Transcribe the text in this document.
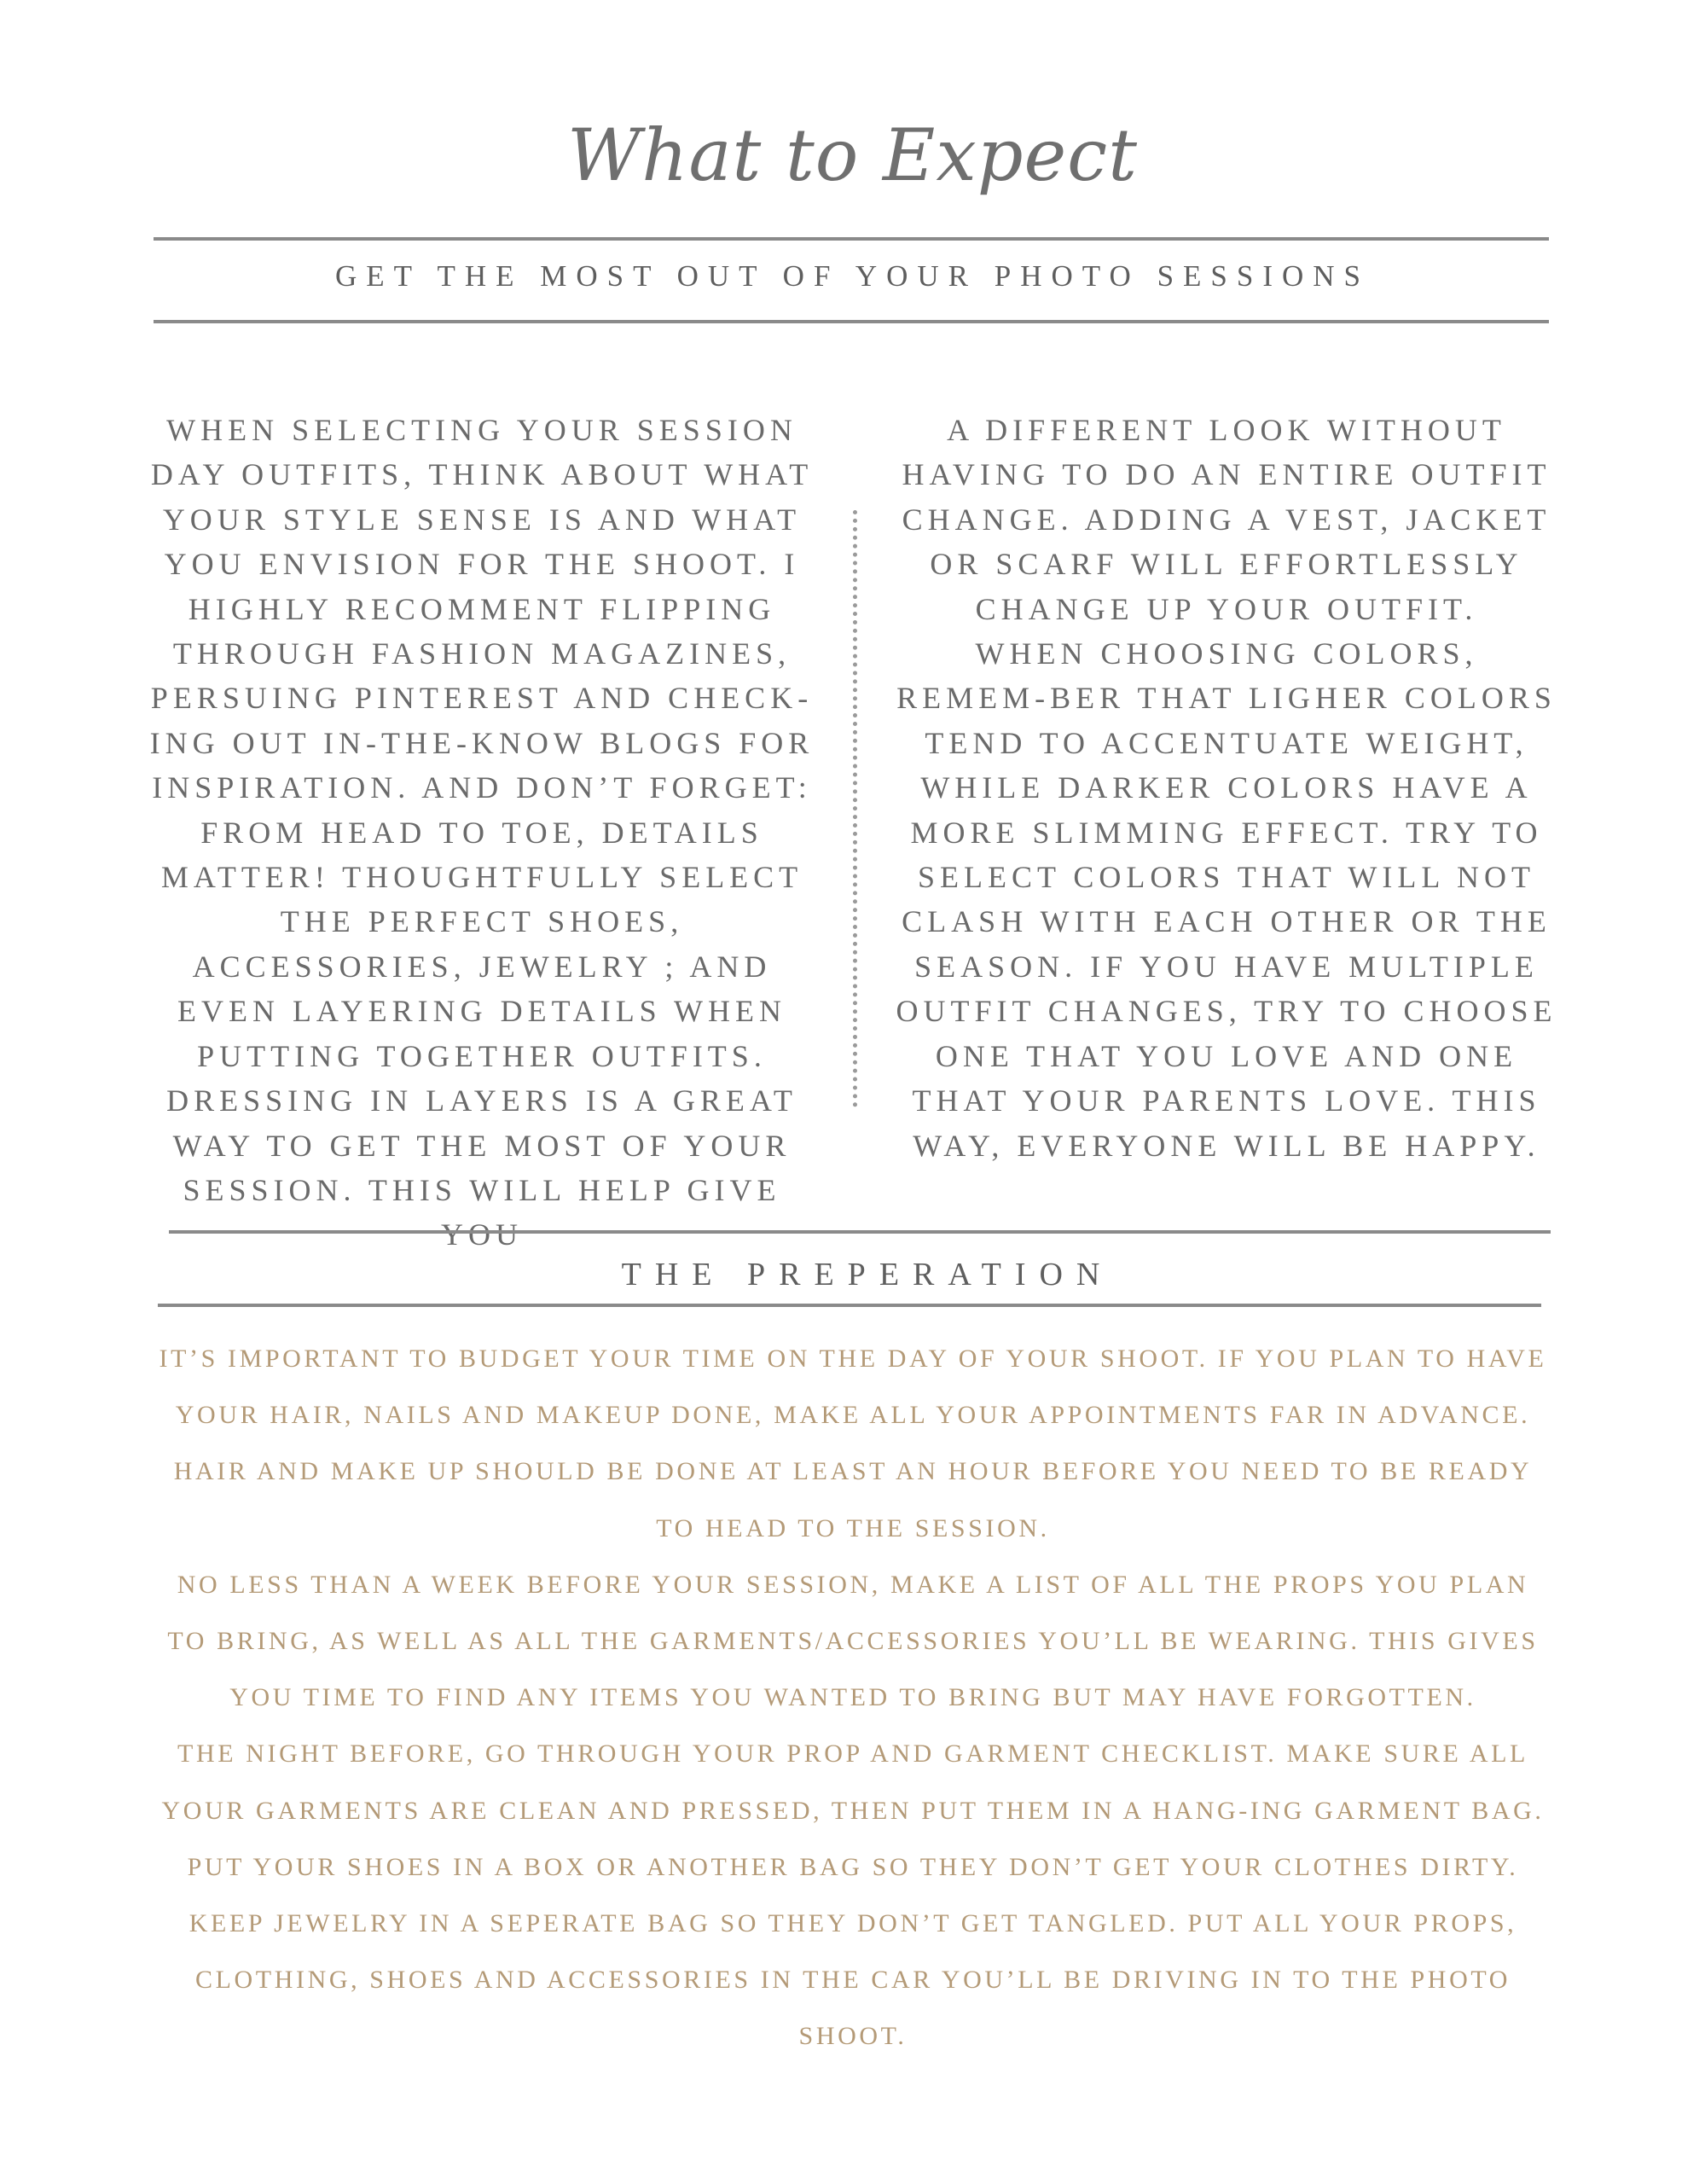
What to Expect
GET THE MOST OUT OF YOUR PHOTO SESSIONS

WHEN SELECTING YOUR SESSION DAY OUTFITS, THINK ABOUT WHAT YOUR STYLE SENSE IS AND WHAT YOU ENVISION FOR THE SHOOT. I HIGHLY RECOMMENT FLIPPING THROUGH FASHION MAGAZINES, PERSUING PINTEREST AND CHECK-ING OUT IN-THE-KNOW BLOGS FOR INSPIRATION. AND DON’T FORGET: FROM HEAD TO TOE, DETAILS MATTER! THOUGHTFULLY SELECT THE PERFECT SHOES, ACCESSORIES, JEWELRY ; AND EVEN LAYERING DETAILS WHEN PUTTING TOGETHER OUTFITS.

DRESSING IN LAYERS IS A GREAT WAY TO GET THE MOST OF YOUR SESSION. THIS WILL HELP GIVE YOU

A DIFFERENT LOOK WITHOUT HAVING TO DO AN ENTIRE OUTFIT CHANGE. ADDING A VEST, JACKET OR SCARF WILL EFFORTLESSLY CHANGE UP YOUR OUTFIT.

WHEN CHOOSING COLORS, REMEM-BER THAT LIGHER COLORS TEND TO ACCENTUATE WEIGHT, WHILE DARKER COLORS HAVE A MORE SLIMMING EFFECT. TRY TO SELECT COLORS THAT WILL NOT CLASH WITH EACH OTHER OR THE SEASON. IF YOU HAVE MULTIPLE OUTFIT CHANGES, TRY TO CHOOSE ONE THAT YOU LOVE AND ONE THAT YOUR PARENTS LOVE. THIS WAY, EVERYONE WILL BE HAPPY.

THE PREPERATION

IT’S IMPORTANT TO BUDGET YOUR TIME ON THE DAY OF YOUR SHOOT. IF YOU PLAN TO HAVE YOUR HAIR, NAILS AND MAKEUP DONE, MAKE ALL YOUR APPOINTMENTS FAR IN ADVANCE. HAIR AND MAKE UP SHOULD BE DONE AT LEAST AN HOUR BEFORE YOU NEED TO BE READY TO HEAD TO THE SESSION.

NO LESS THAN A WEEK BEFORE YOUR SESSION, MAKE A LIST OF ALL THE PROPS YOU PLAN TO BRING, AS WELL AS ALL THE GARMENTS/ACCESSORIES YOU’LL BE WEARING. THIS GIVES YOU TIME TO FIND ANY ITEMS YOU WANTED TO BRING BUT MAY HAVE FORGOTTEN.

THE NIGHT BEFORE, GO THROUGH YOUR PROP AND GARMENT CHECKLIST. MAKE SURE ALL YOUR GARMENTS ARE CLEAN AND PRESSED, THEN PUT THEM IN A HANG-ING GARMENT BAG. PUT YOUR SHOES IN A BOX OR ANOTHER BAG SO THEY DON’T GET YOUR CLOTHES DIRTY. KEEP JEWELRY IN A SEPERATE BAG SO THEY DON’T GET TANGLED. PUT ALL YOUR PROPS, CLOTHING, SHOES AND ACCESSORIES IN THE CAR YOU’LL BE DRIVING IN TO THE PHOTO SHOOT.
